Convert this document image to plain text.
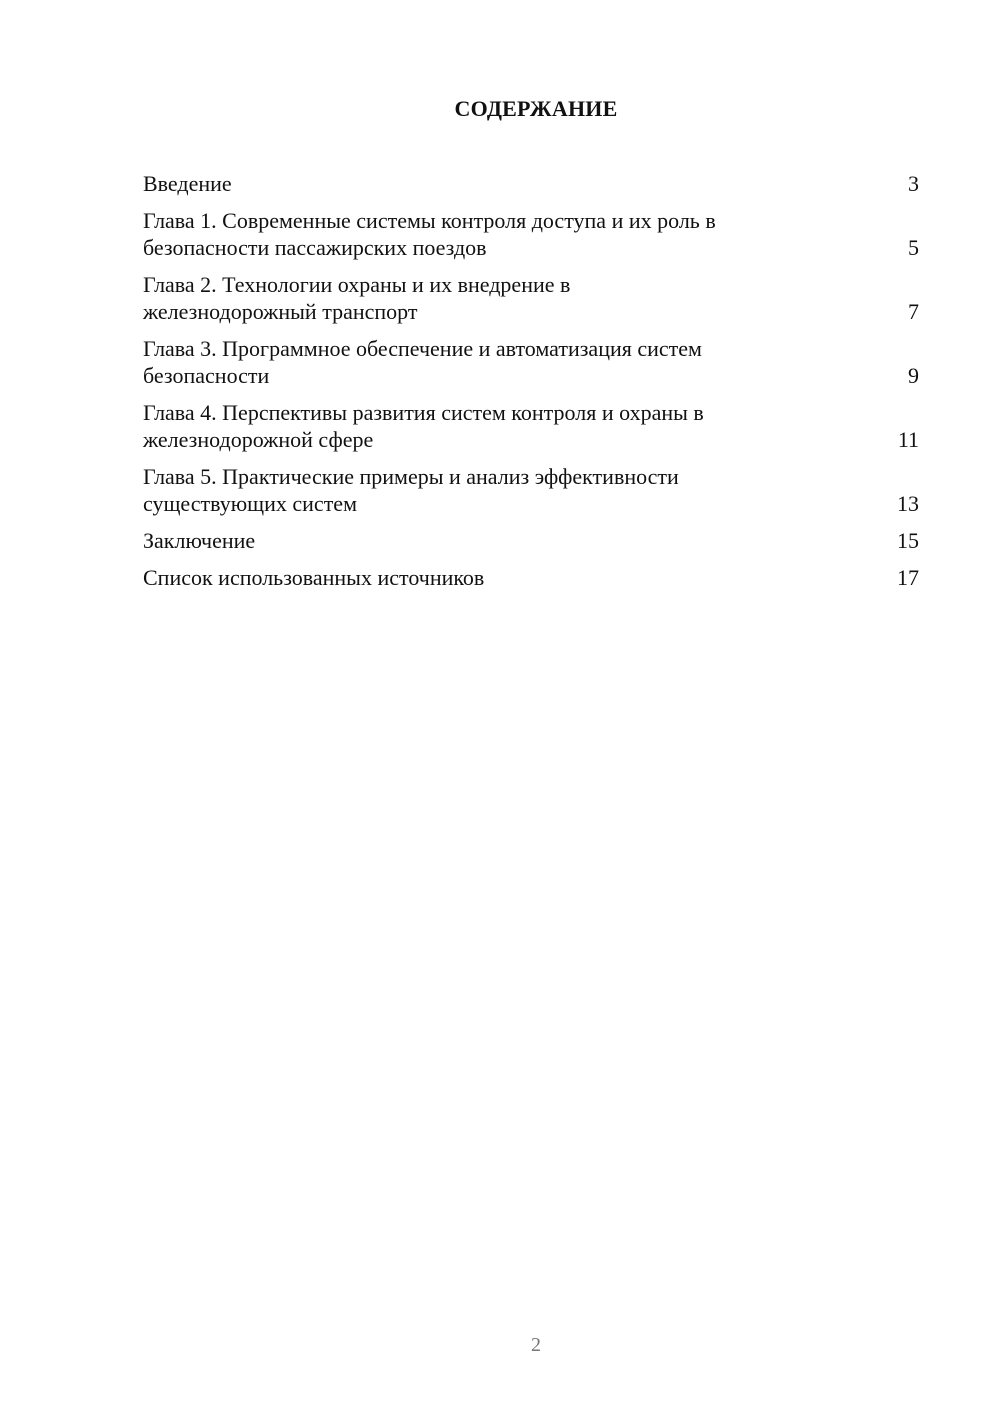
СОДЕРЖАНИЕ
Введение	3
Глава 1. Современные системы контроля доступа и их роль в
безопасности пассажирских поездов	5
Глава 2. Технологии охраны и их внедрение в
железнодорожный транспорт	7
Глава 3. Программное обеспечение и автоматизация систем
безопасности	9
Глава 4. Перспективы развития систем контроля и охраны в
железнодорожной сфере	11
Глава 5. Практические примеры и анализ эффективности
существующих систем	13
Заключение	15
Список использованных источников	17
2
